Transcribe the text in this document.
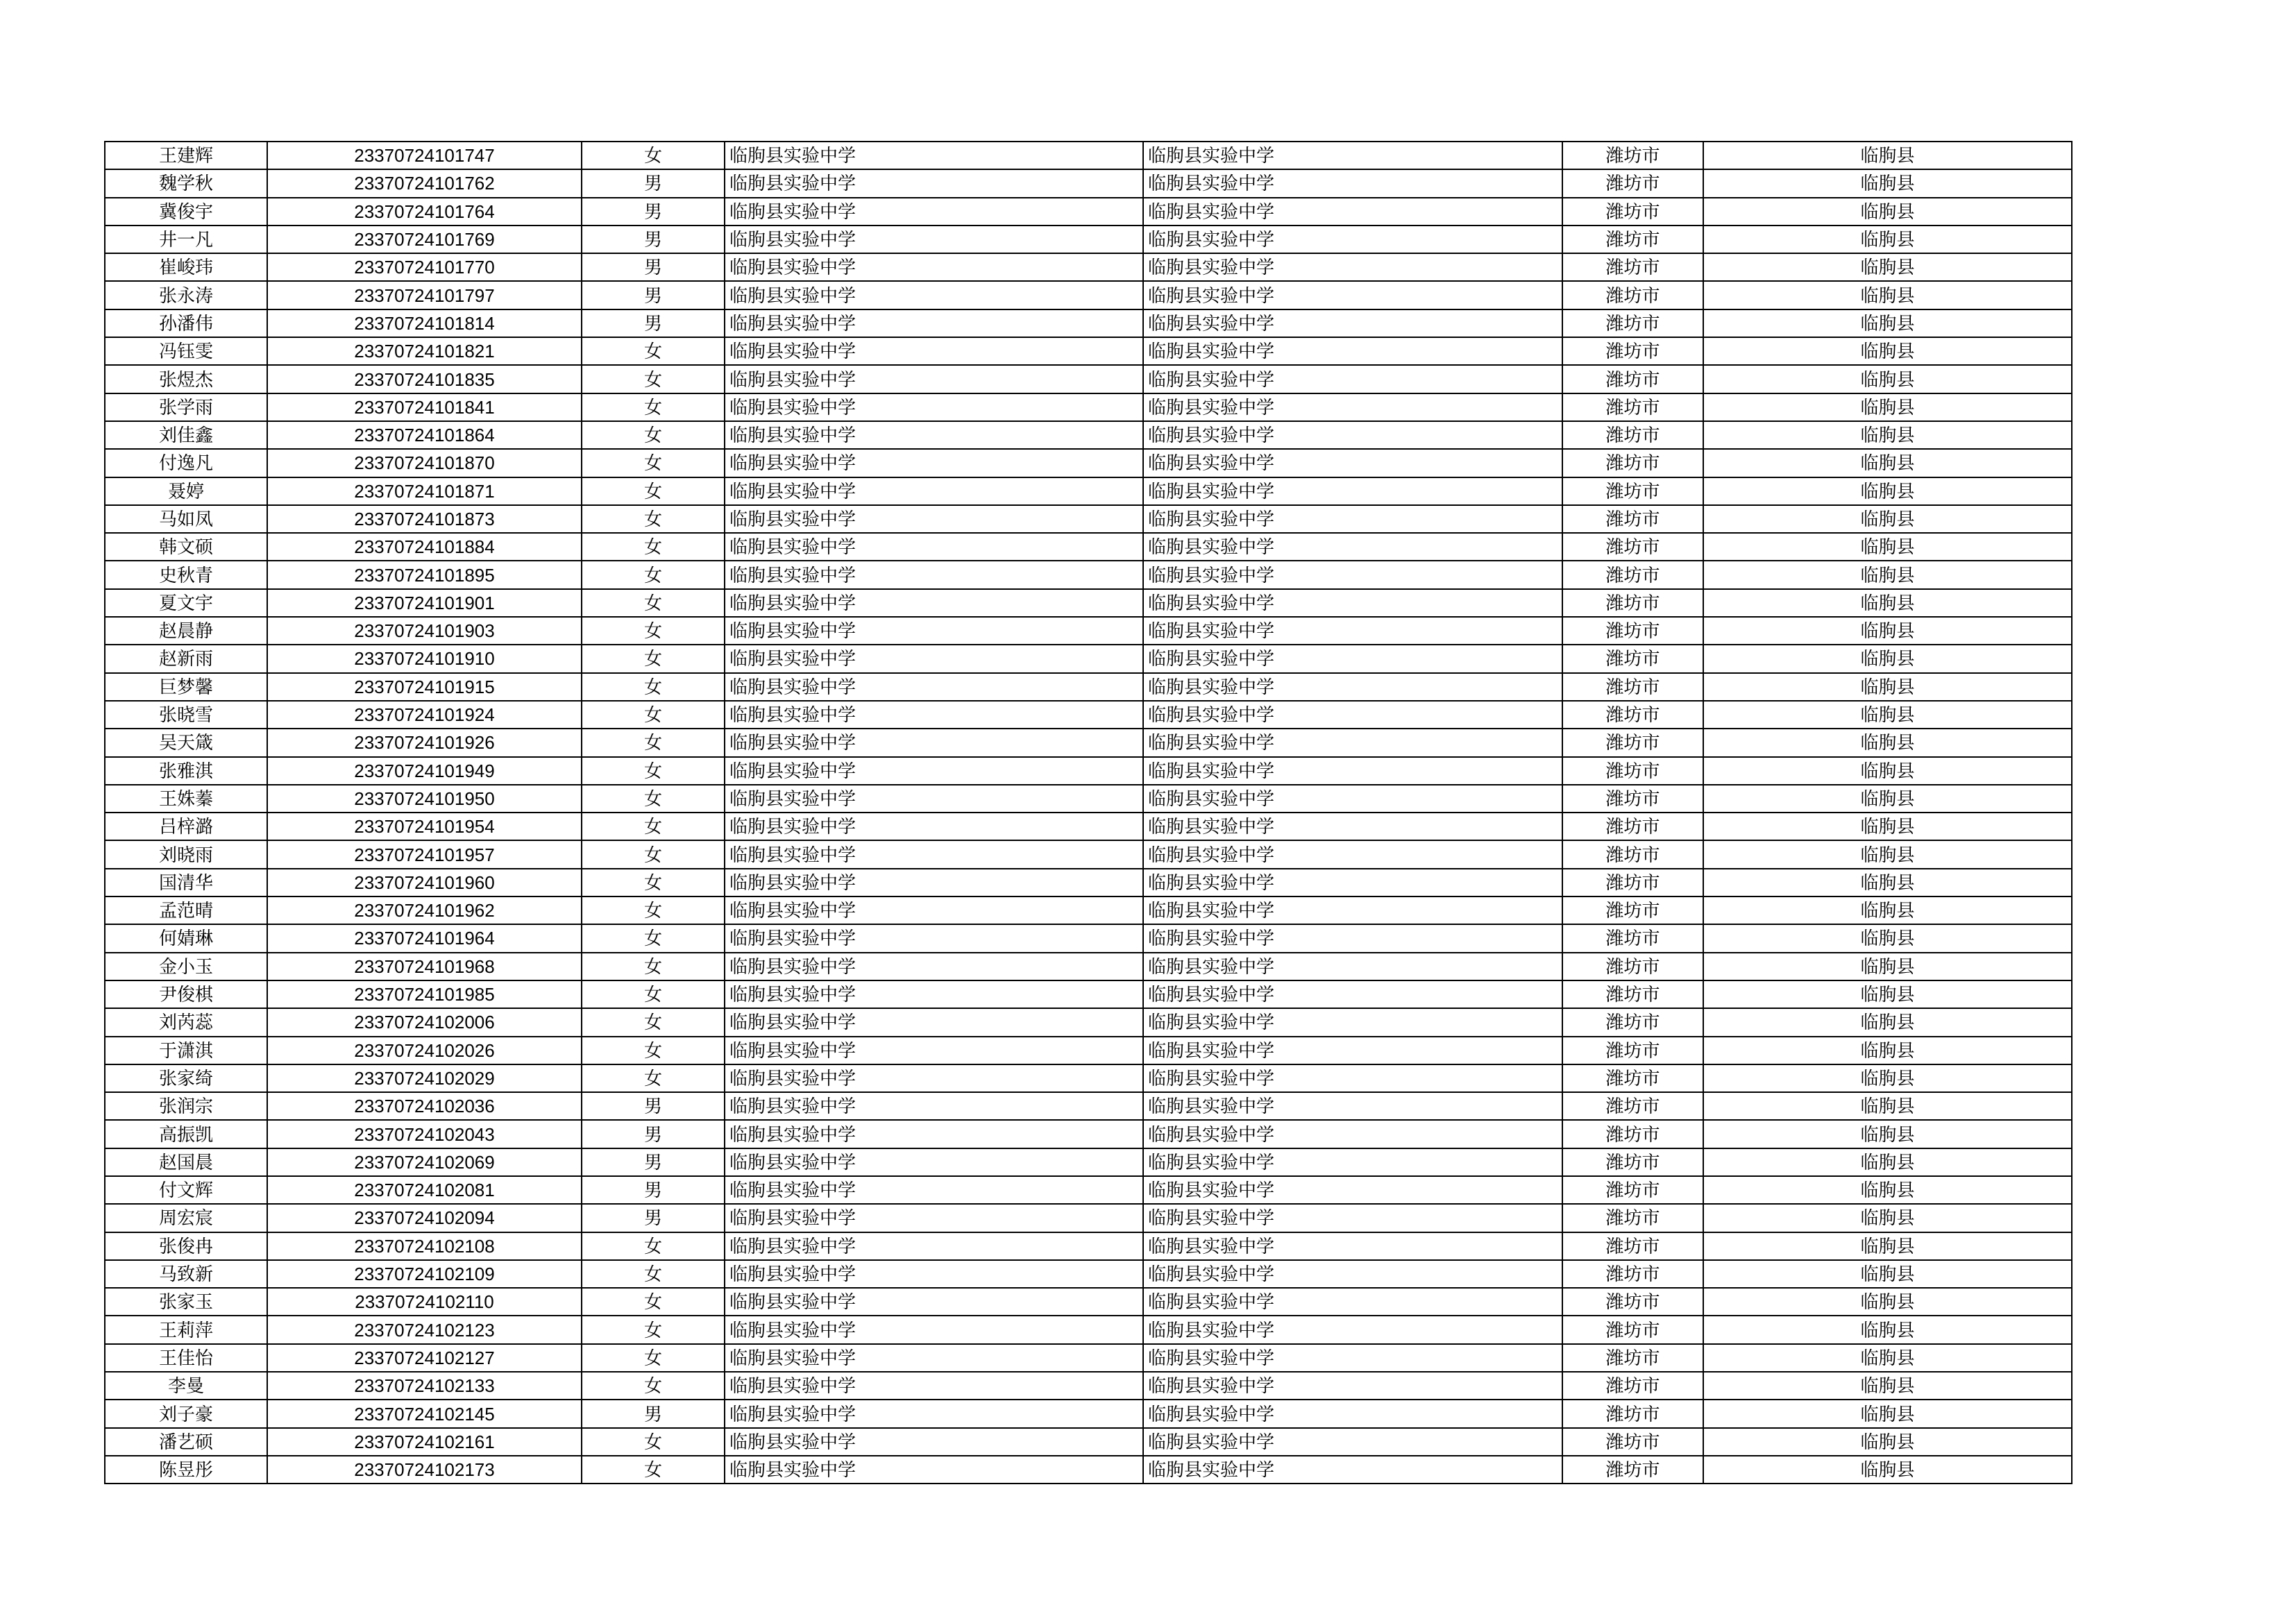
王建辉	23370724101747	女	临朐县实验中学	临朐县实验中学	潍坊市	临朐县
魏学秋	23370724101762	男	临朐县实验中学	临朐县实验中学	潍坊市	临朐县
冀俊宇	23370724101764	男	临朐县实验中学	临朐县实验中学	潍坊市	临朐县
井一凡	23370724101769	男	临朐县实验中学	临朐县实验中学	潍坊市	临朐县
崔峻玮	23370724101770	男	临朐县实验中学	临朐县实验中学	潍坊市	临朐县
张永涛	23370724101797	男	临朐县实验中学	临朐县实验中学	潍坊市	临朐县
孙潘伟	23370724101814	男	临朐县实验中学	临朐县实验中学	潍坊市	临朐县
冯钰雯	23370724101821	女	临朐县实验中学	临朐县实验中学	潍坊市	临朐县
张煜杰	23370724101835	女	临朐县实验中学	临朐县实验中学	潍坊市	临朐县
张学雨	23370724101841	女	临朐县实验中学	临朐县实验中学	潍坊市	临朐县
刘佳鑫	23370724101864	女	临朐县实验中学	临朐县实验中学	潍坊市	临朐县
付逸凡	23370724101870	女	临朐县实验中学	临朐县实验中学	潍坊市	临朐县
聂婷	23370724101871	女	临朐县实验中学	临朐县实验中学	潍坊市	临朐县
马如凤	23370724101873	女	临朐县实验中学	临朐县实验中学	潍坊市	临朐县
韩文硕	23370724101884	女	临朐县实验中学	临朐县实验中学	潍坊市	临朐县
史秋青	23370724101895	女	临朐县实验中学	临朐县实验中学	潍坊市	临朐县
夏文宇	23370724101901	女	临朐县实验中学	临朐县实验中学	潍坊市	临朐县
赵晨静	23370724101903	女	临朐县实验中学	临朐县实验中学	潍坊市	临朐县
赵新雨	23370724101910	女	临朐县实验中学	临朐县实验中学	潍坊市	临朐县
巨梦馨	23370724101915	女	临朐县实验中学	临朐县实验中学	潍坊市	临朐县
张晓雪	23370724101924	女	临朐县实验中学	临朐县实验中学	潍坊市	临朐县
吴天箴	23370724101926	女	临朐县实验中学	临朐县实验中学	潍坊市	临朐县
张雅淇	23370724101949	女	临朐县实验中学	临朐县实验中学	潍坊市	临朐县
王姝蓁	23370724101950	女	临朐县实验中学	临朐县实验中学	潍坊市	临朐县
吕梓潞	23370724101954	女	临朐县实验中学	临朐县实验中学	潍坊市	临朐县
刘晓雨	23370724101957	女	临朐县实验中学	临朐县实验中学	潍坊市	临朐县
国清华	23370724101960	女	临朐县实验中学	临朐县实验中学	潍坊市	临朐县
孟范晴	23370724101962	女	临朐县实验中学	临朐县实验中学	潍坊市	临朐县
何婧琳	23370724101964	女	临朐县实验中学	临朐县实验中学	潍坊市	临朐县
金小玉	23370724101968	女	临朐县实验中学	临朐县实验中学	潍坊市	临朐县
尹俊棋	23370724101985	女	临朐县实验中学	临朐县实验中学	潍坊市	临朐县
刘芮蕊	23370724102006	女	临朐县实验中学	临朐县实验中学	潍坊市	临朐县
于潇淇	23370724102026	女	临朐县实验中学	临朐县实验中学	潍坊市	临朐县
张家绮	23370724102029	女	临朐县实验中学	临朐县实验中学	潍坊市	临朐县
张润宗	23370724102036	男	临朐县实验中学	临朐县实验中学	潍坊市	临朐县
高振凯	23370724102043	男	临朐县实验中学	临朐县实验中学	潍坊市	临朐县
赵国晨	23370724102069	男	临朐县实验中学	临朐县实验中学	潍坊市	临朐县
付文辉	23370724102081	男	临朐县实验中学	临朐县实验中学	潍坊市	临朐县
周宏宸	23370724102094	男	临朐县实验中学	临朐县实验中学	潍坊市	临朐县
张俊冉	23370724102108	女	临朐县实验中学	临朐县实验中学	潍坊市	临朐县
马致新	23370724102109	女	临朐县实验中学	临朐县实验中学	潍坊市	临朐县
张家玉	23370724102110	女	临朐县实验中学	临朐县实验中学	潍坊市	临朐县
王莉萍	23370724102123	女	临朐县实验中学	临朐县实验中学	潍坊市	临朐县
王佳怡	23370724102127	女	临朐县实验中学	临朐县实验中学	潍坊市	临朐县
李曼	23370724102133	女	临朐县实验中学	临朐县实验中学	潍坊市	临朐县
刘子豪	23370724102145	男	临朐县实验中学	临朐县实验中学	潍坊市	临朐县
潘艺硕	23370724102161	女	临朐县实验中学	临朐县实验中学	潍坊市	临朐县
陈昱彤	23370724102173	女	临朐县实验中学	临朐县实验中学	潍坊市	临朐县
